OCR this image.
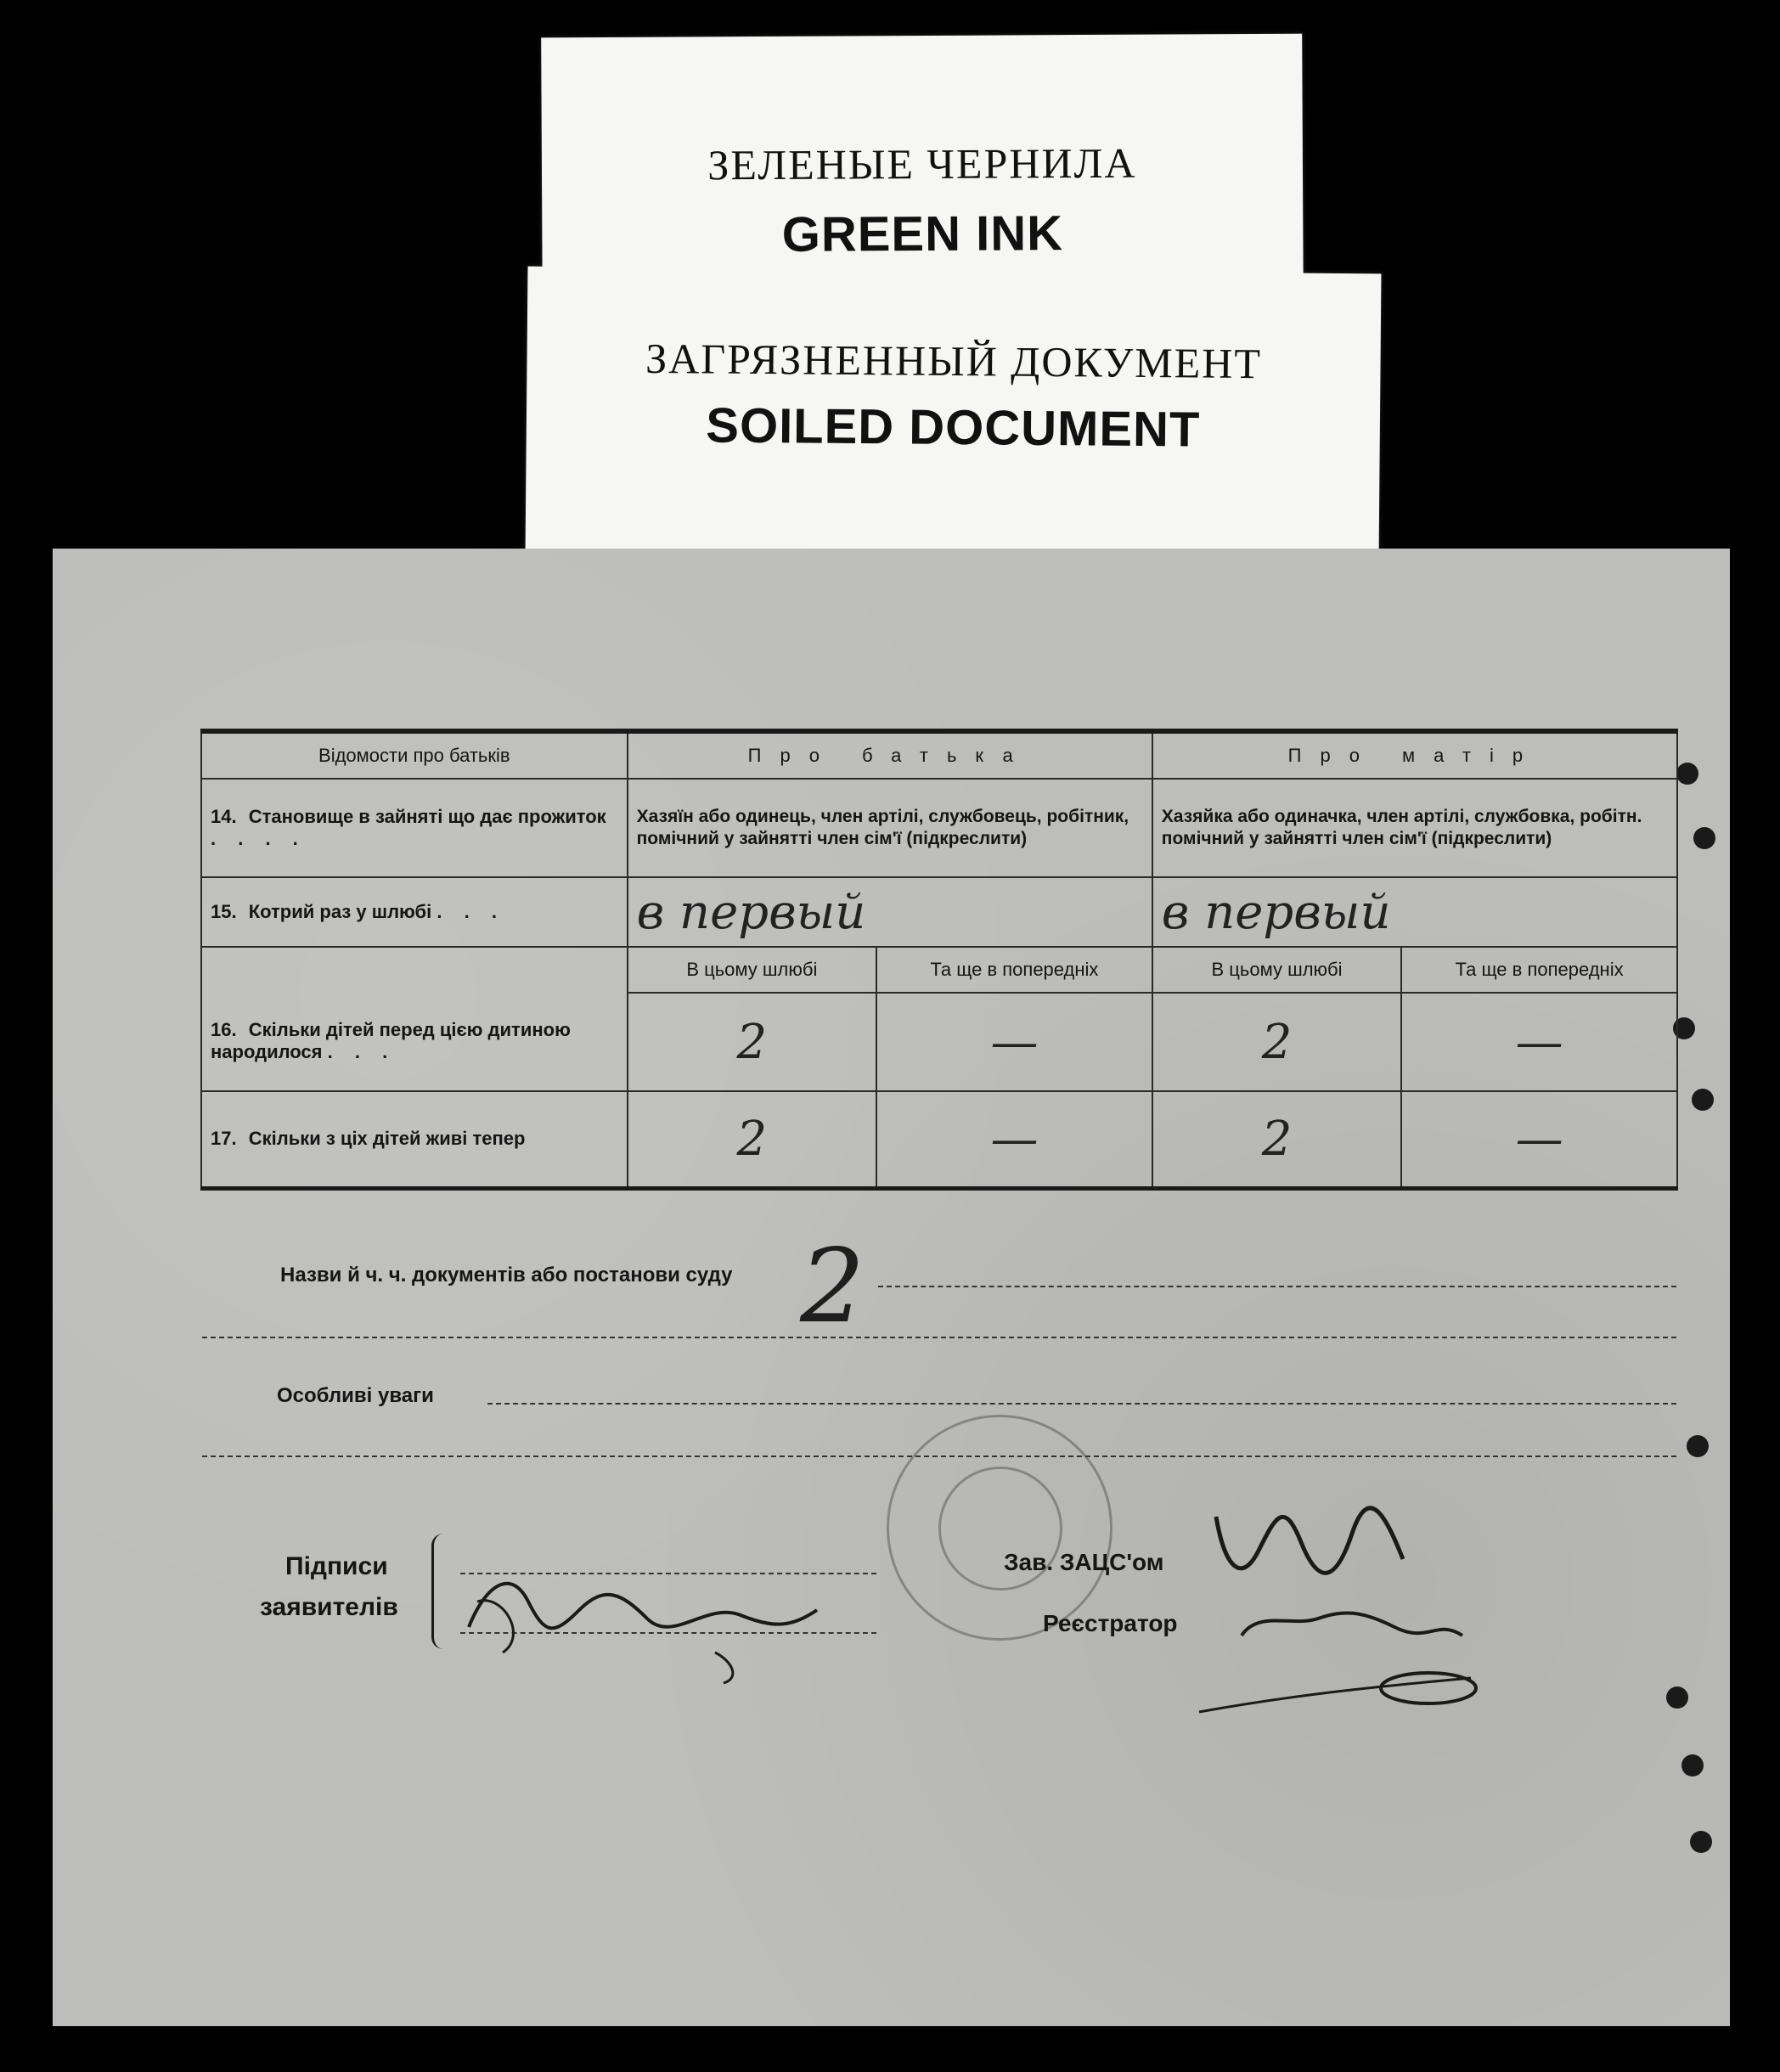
ЗЕЛЕНЫЕ ЧЕРНИЛА
GREEN INK
ЗАГРЯЗНЕННЫЙ ДОКУМЕНТ
SOILED DOCUMENT
Відомости про батьків	Про батька		Про матір	
14. Становище в зайняті що дає прожиток . . . .	Хазяїн або одинець, член артілі, службовець, робітник, помічний у зайнятті член сім'ї (підкреслити)		Хазяйка або одиначка, член артілі, службовка, робітн. помічний у зайнятті член сім'ї (підкреслити)	
15. Котрий раз у шлюбі . . .	в первый		в первый	

16. Скільки дітей перед цією дитиною народилося . . .	В цьому шлюбі	Та ще в попередніх	В цьому шлюбі	Та ще в попередніх
	2	—	2	—
17. Скільки з ціх дітей живі тепер	2	—	2	—
Назви й ч. ч. документів або постанови суду 2
Особливі уваги
Підписи
заявителів
Зав. ЗАЦС'ом
Реєстратор
